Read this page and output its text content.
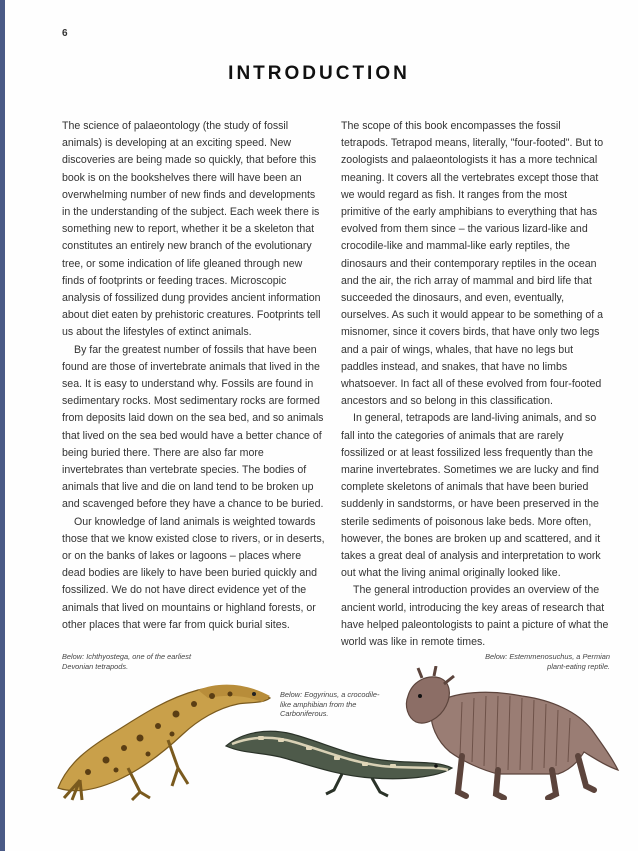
6
INTRODUCTION

The science of palaeontology (the study of fossil animals) is developing at an exciting speed. New discoveries are being made so quickly, that before this book is on the bookshelves there will have been an overwhelming number of new finds and developments in the understanding of the subject. Each week there is something new to report, whether it be a skeleton that constitutes an entirely new branch of the evolutionary tree, or some indication of life gleaned through new finds of footprints or feeding traces. Microscopic analysis of fossilized dung provides ancient information about diet eaten by prehistoric creatures. Footprints tell us about the lifestyles of extinct animals.

By far the greatest number of fossils that have been found are those of invertebrate animals that lived in the sea. It is easy to understand why. Fossils are found in sedimentary rocks. Most sedimentary rocks are formed from deposits laid down on the sea bed, and so animals that lived on the sea bed would have a better chance of being buried there. There are also far more invertebrates than vertebrate species. The bodies of animals that live and die on land tend to be broken up and scavenged before they have a chance to be buried.

Our knowledge of land animals is weighted towards those that we know existed close to rivers, or in deserts, or on the banks of lakes or lagoons – places where dead bodies are likely to have been buried quickly and fossilized. We do not have direct evidence yet of the animals that lived on mountains or highland forests, or other places that were far from quick burial sites.

The scope of this book encompasses the fossil tetrapods. Tetrapod means, literally, "four-footed". But to zoologists and palaeontologists it has a more technical meaning. It covers all the vertebrates except those that we would regard as fish. It ranges from the most primitive of the early amphibians to everything that has evolved from them since – the various lizard-like and crocodile-like and mammal-like early reptiles, the dinosaurs and their contemporary reptiles in the ocean and the air, the rich array of mammal and bird life that succeeded the dinosaurs, and even, eventually, ourselves. As such it would appear to be something of a misnomer, since it covers birds, that have only two legs and a pair of wings, whales, that have no legs but paddles instead, and snakes, that have no limbs whatsoever. In fact all of these evolved from four-footed ancestors and so belong in this classification.

In general, tetrapods are land-living animals, and so fall into the categories of animals that are rarely fossilized or at least fossilized less frequently than the marine invertebrates. Sometimes we are lucky and find complete skeletons of animals that have been buried suddenly in sandstorms, or have been preserved in the sterile sediments of poisonous lake beds. More often, however, the bones are broken up and scattered, and it takes a great deal of analysis and interpretation to work out what the living animal originally looked like.

The general introduction provides an overview of the ancient world, introducing the key areas of research that have helped paleontologists to paint a picture of what the world was like in remote times.

Below: Ichthyostega, one of the earliest Devonian tetrapods.
Below: Eogyrinus, a crocodile-like amphibian from the Carboniferous.
Below: Estemmenosuchus, a Permian plant-eating reptile.
